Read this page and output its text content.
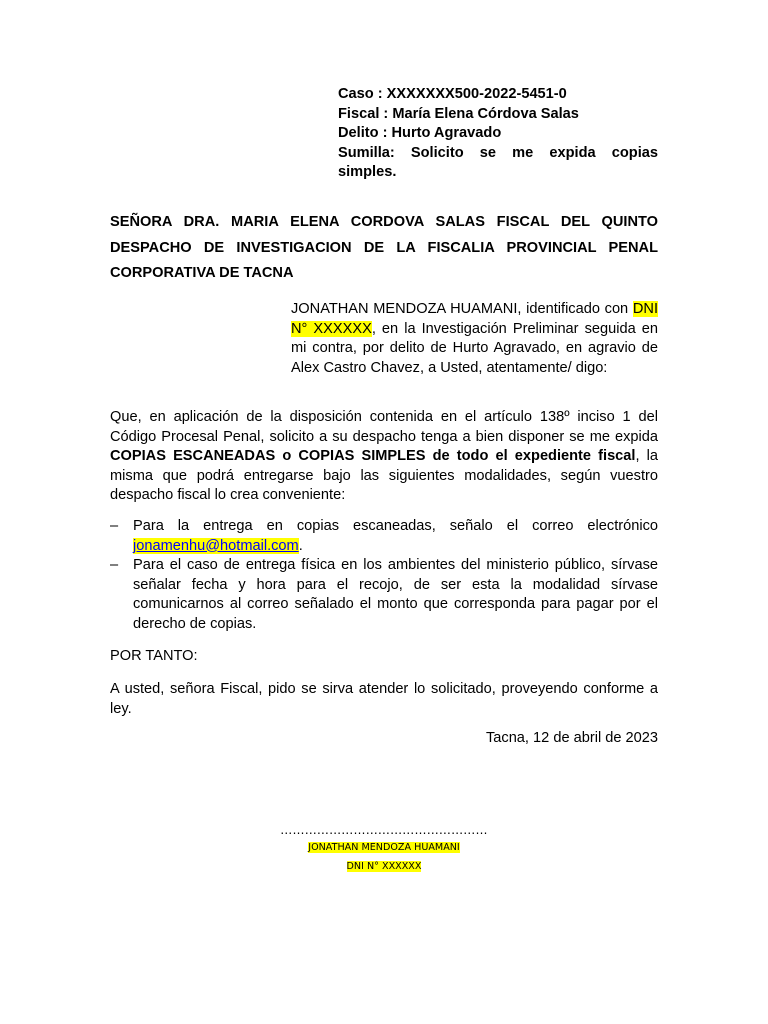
Caso : XXXXXXX500-2022-5451-0
Fiscal : María Elena Córdova Salas
Delito : Hurto Agravado
Sumilla: Solicito se me expida copias simples.
SEÑORA DRA. MARIA ELENA CORDOVA SALAS FISCAL DEL QUINTO DESPACHO DE INVESTIGACION DE LA FISCALIA PROVINCIAL PENAL CORPORATIVA DE TACNA
JONATHAN MENDOZA HUAMANI, identificado con DNI N° XXXXXX, en la Investigación Preliminar seguida en mi contra, por delito de Hurto Agravado, en agravio de Alex Castro Chavez, a Usted, atentamente/ digo:
Que, en aplicación de la disposición contenida en el artículo 138º inciso 1 del Código Procesal Penal, solicito a su despacho tenga a bien disponer se me expida COPIAS ESCANEADAS o COPIAS SIMPLES de todo el expediente fiscal, la misma que podrá entregarse bajo las siguientes modalidades, según vuestro despacho fiscal lo crea conveniente:
– Para la entrega en copias escaneadas, señalo el correo electrónico jonamenhu@hotmail.com.
– Para el caso de entrega física en los ambientes del ministerio público, sírvase señalar fecha y hora para el recojo, de ser esta la modalidad sírvase comunicarnos al correo señalado el monto que corresponda para pagar por el derecho de copias.
POR TANTO:
A usted, señora Fiscal, pido se sirva atender lo solicitado, proveyendo conforme a ley.
Tacna, 12 de abril de 2023
……………………………………………
JONATHAN MENDOZA HUAMANI
DNI N° XXXXXX
